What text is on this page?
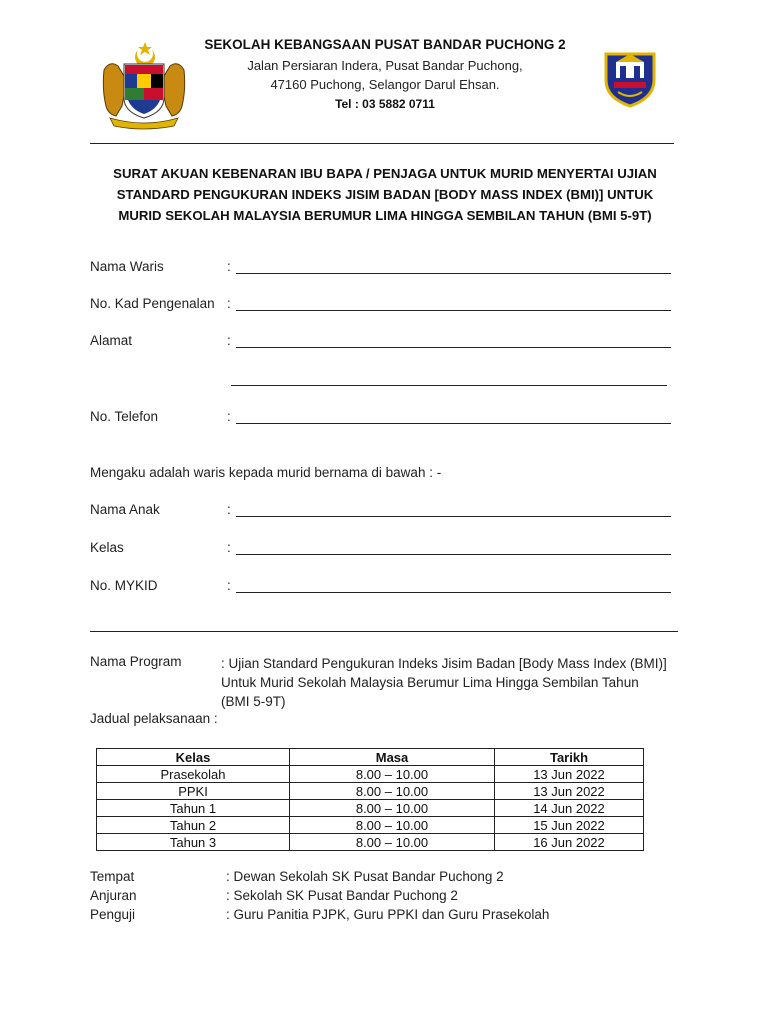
SEKOLAH KEBANGSAAN PUSAT BANDAR PUCHONG 2
Jalan Persiaran Indera, Pusat Bandar Puchong,
47160 Puchong, Selangor Darul Ehsan.
Tel : 03 5882 0711
SURAT AKUAN KEBENARAN IBU BAPA / PENJAGA UNTUK MURID MENYERTAI UJIAN
STANDARD PENGUKURAN INDEKS JISIM BADAN [BODY MASS INDEX (BMI)] UNTUK
MURID SEKOLAH MALAYSIA BERUMUR LIMA HINGGA SEMBILAN TAHUN (BMI 5-9T)
Nama Waris	:
No. Kad Pengenalan :
Alamat	:
No. Telefon	:
Mengaku adalah waris kepada murid bernama di bawah : -
Nama Anak	:
Kelas	:
No. MYKID	:
Nama Program	: Ujian Standard Pengukuran Indeks Jisim Badan [Body Mass Index (BMI)]
Untuk Murid Sekolah Malaysia Berumur Lima Hingga Sembilan Tahun
(BMI 5-9T)
Jadual pelaksanaan :
Kelas	Masa	Tarikh
Prasekolah	8.00 – 10.00	13 Jun 2022
PPKI	8.00 – 10.00	13 Jun 2022
Tahun 1	8.00 – 10.00	14 Jun 2022
Tahun 2	8.00 – 10.00	15 Jun 2022
Tahun 3	8.00 – 10.00	16 Jun 2022
Tempat	: Dewan Sekolah SK Pusat Bandar Puchong 2
Anjuran	: Sekolah SK Pusat Bandar Puchong 2
Penguji	: Guru Panitia PJPK, Guru PPKI dan Guru Prasekolah
